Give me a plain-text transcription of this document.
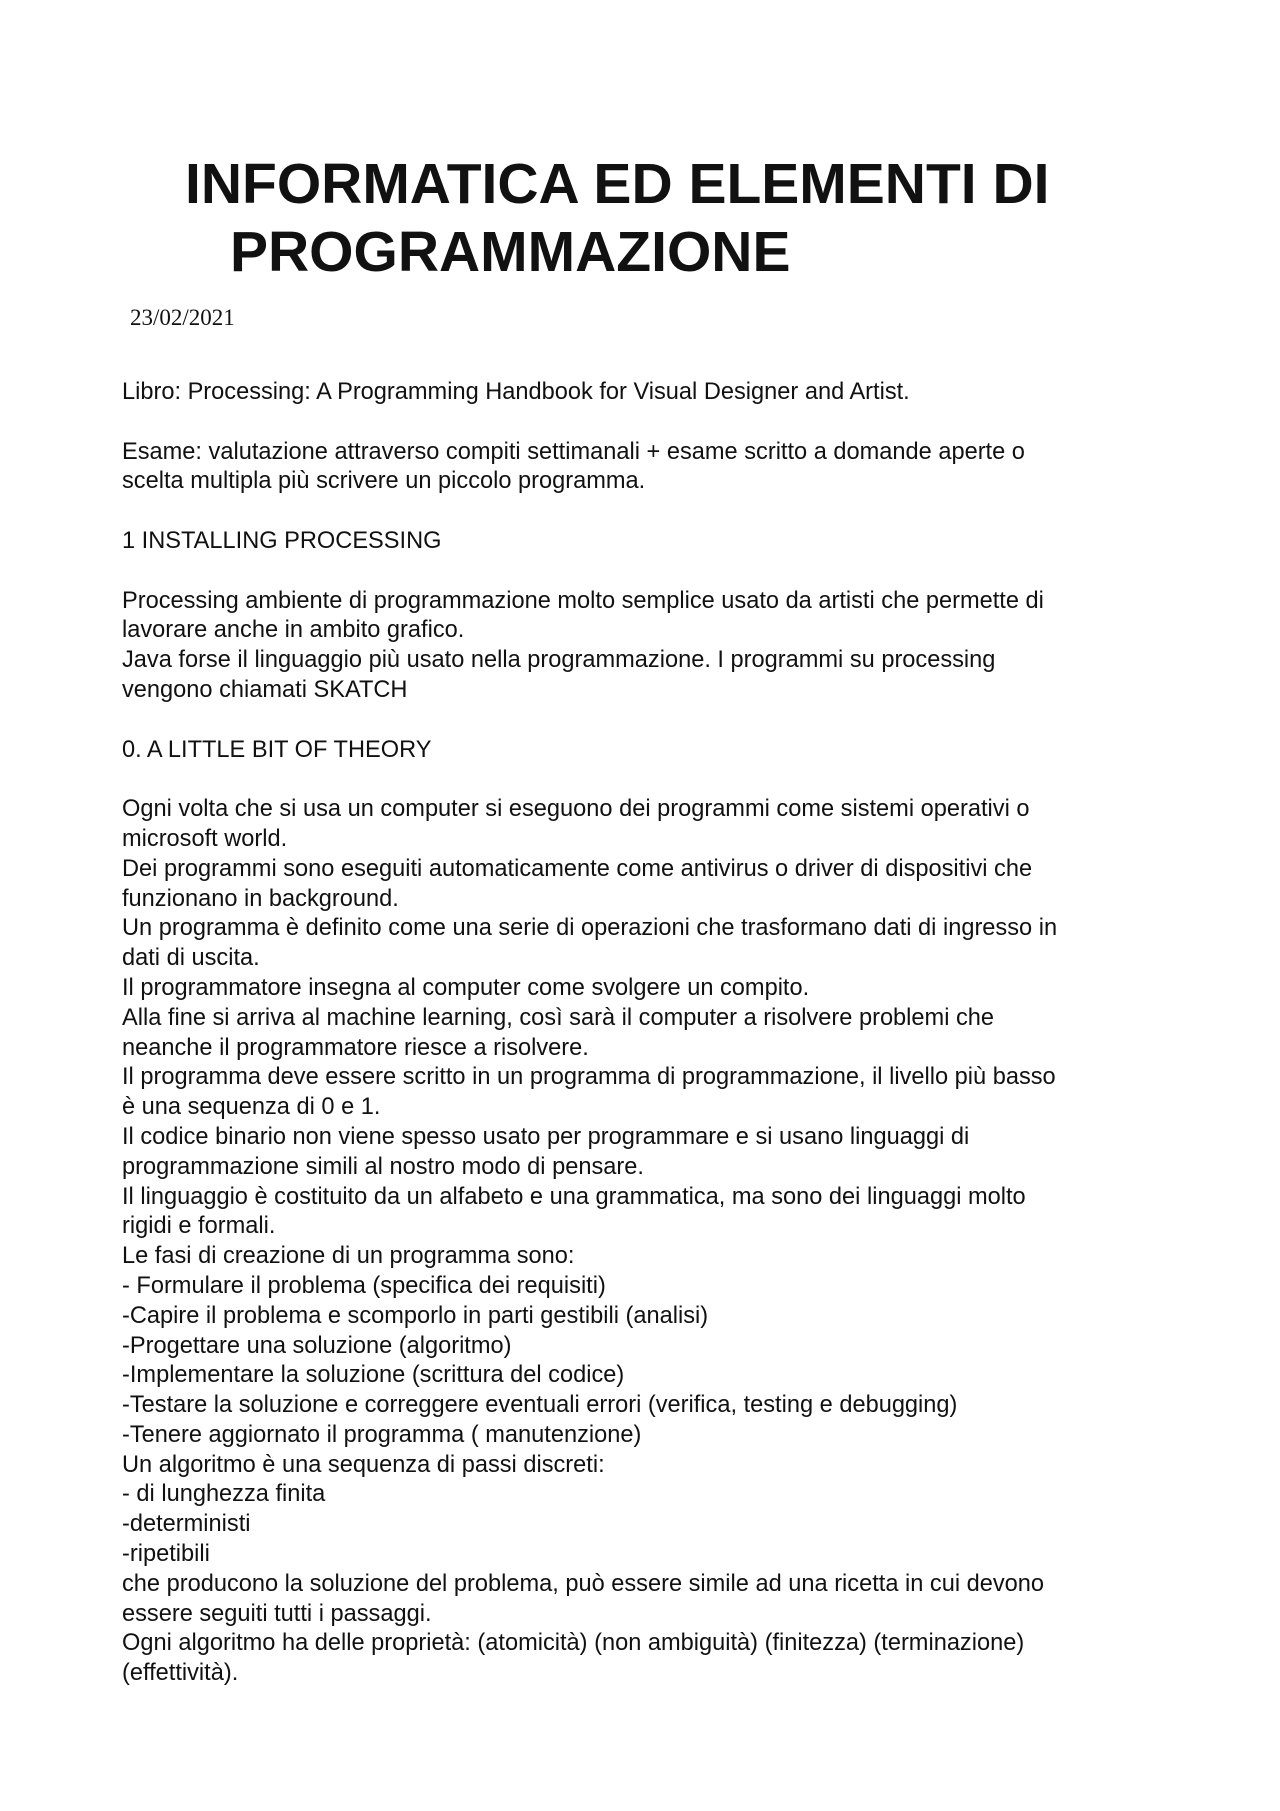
INFORMATICA ED ELEMENTI DI
PROGRAMMAZIONE

23/02/2021

Libro: Processing: A Programming Handbook for Visual Designer and Artist.

Esame: valutazione attraverso compiti settimanali + esame scritto a domande aperte o

scelta multipla più scrivere un piccolo programma.

1 INSTALLING PROCESSING

Processing ambiente di programmazione molto semplice usato da artisti che permette di

lavorare anche in ambito grafico.

Java forse il linguaggio più usato nella programmazione. I programmi su processing

vengono chiamati SKATCH

0. A LITTLE BIT OF THEORY

Ogni volta che si usa un computer si eseguono dei programmi come sistemi operativi o

microsoft world.

Dei programmi sono eseguiti automaticamente come antivirus o driver di dispositivi che

funzionano in background.

Un programma è definito come una serie di operazioni che trasformano dati di ingresso in

dati di uscita.

Il programmatore insegna al computer come svolgere un compito.

Alla fine si arriva al machine learning, così sarà il computer a risolvere problemi che

neanche il programmatore riesce a risolvere.

Il programma deve essere scritto in un programma di programmazione, il livello più basso

è una sequenza di 0 e 1.

Il codice binario non viene spesso usato per programmare e si usano linguaggi di

programmazione simili al nostro modo di pensare.

Il linguaggio è costituito da un alfabeto e una grammatica, ma sono dei linguaggi molto

rigidi e formali.

Le fasi di creazione di un programma sono:

- Formulare il problema (specifica dei requisiti)

-Capire il problema e scomporlo in parti gestibili (analisi)

-Progettare una soluzione (algoritmo)

-Implementare la soluzione (scrittura del codice)

-Testare la soluzione e correggere eventuali errori (verifica, testing e debugging)

-Tenere aggiornato il programma ( manutenzione)

Un algoritmo è una sequenza di passi discreti:

- di lunghezza finita

-deterministi

-ripetibili

che producono la soluzione del problema, può essere simile ad una ricetta in cui devono

essere seguiti tutti i passaggi.

Ogni algoritmo ha delle proprietà: (atomicità) (non ambiguità) (finitezza) (terminazione)

(effettività).
